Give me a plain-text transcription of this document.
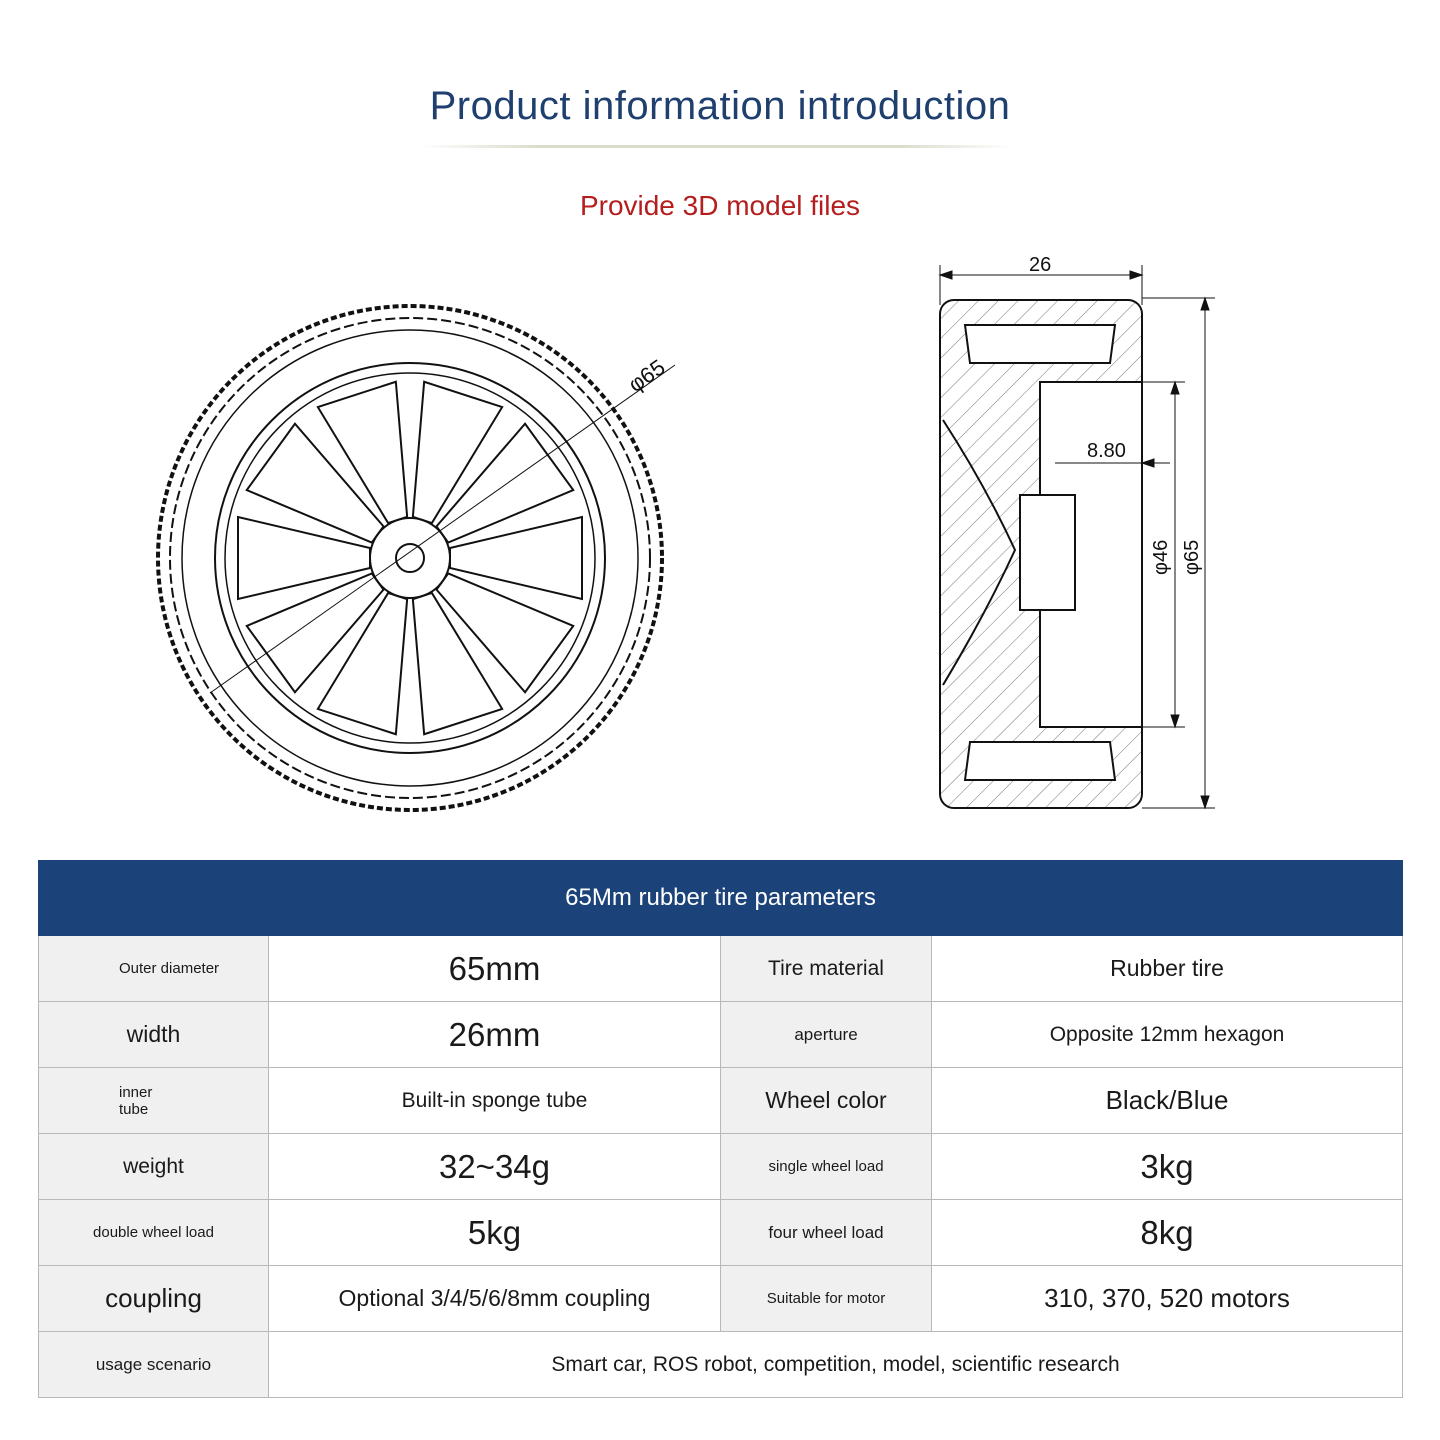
Product information introduction
Provide 3D model files
φ65
26
8.80
φ46 φ65
65Mm rubber tire parameters			
Outer diameter	65mm	Tire material	Rubber tire
width	26mm	aperture	Opposite 12mm hexagon
inner tube	Built-in sponge tube	Wheel color	Black/Blue
weight	32~34g	single wheel load	3kg
double wheel load	5kg	four wheel load	8kg
coupling	Optional 3/4/5/6/8mm coupling	Suitable for motor	310, 370, 520 motors
usage scenario	Smart car, ROS robot, competition, model, scientific research		
